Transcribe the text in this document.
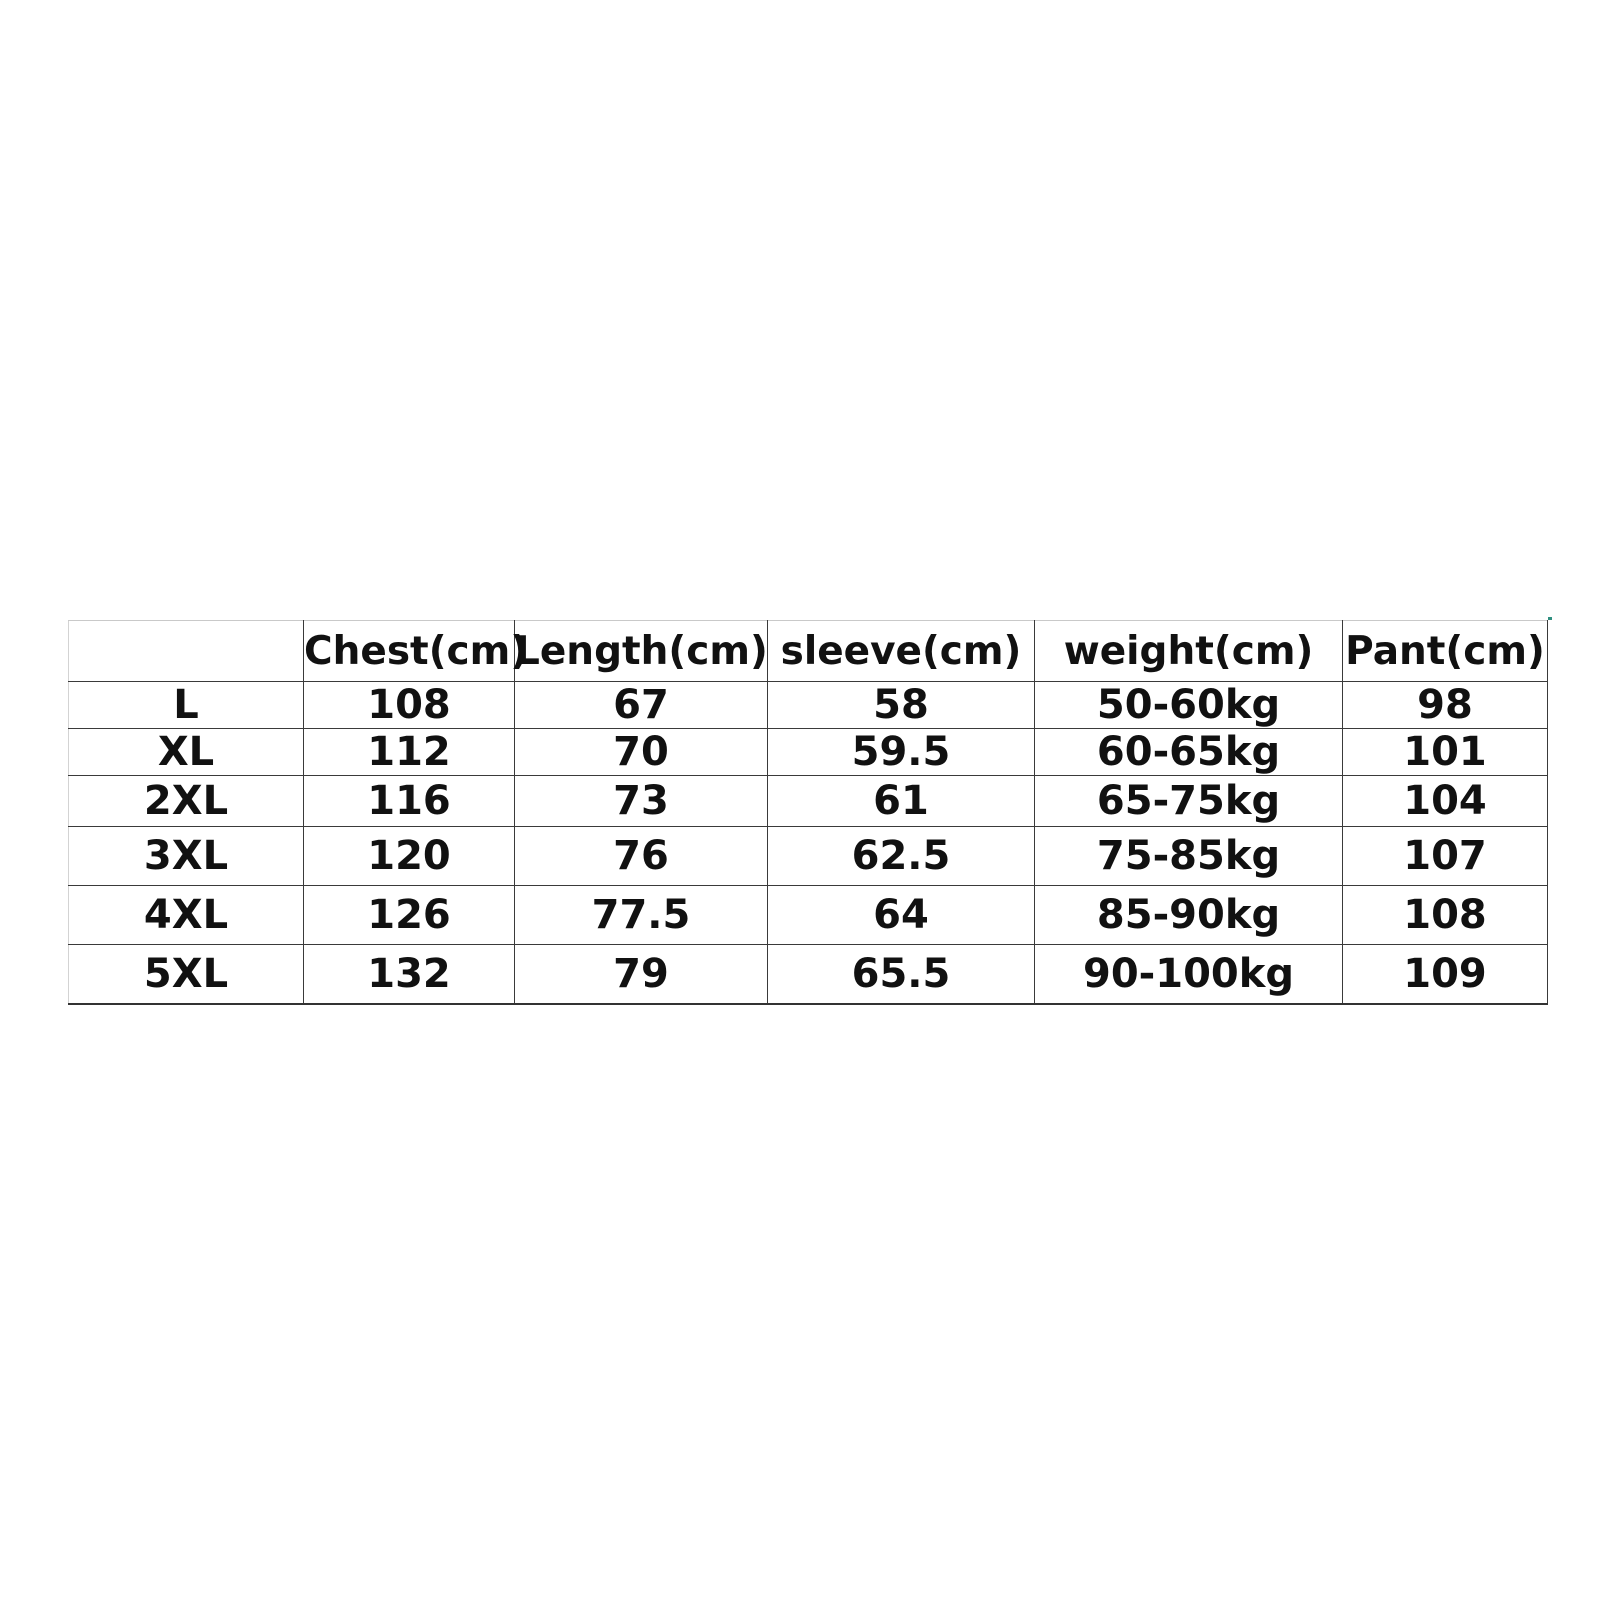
	Chest(cm)	Length(cm)	sleeve(cm)	weight(cm)	Pant(cm)
L	108	67	58	50-60kg	98
XL	112	70	59.5	60-65kg	101
2XL	116	73	61	65-75kg	104
3XL	120	76	62.5	75-85kg	107
4XL	126	77.5	64	85-90kg	108
5XL	132	79	65.5	90-100kg	109
